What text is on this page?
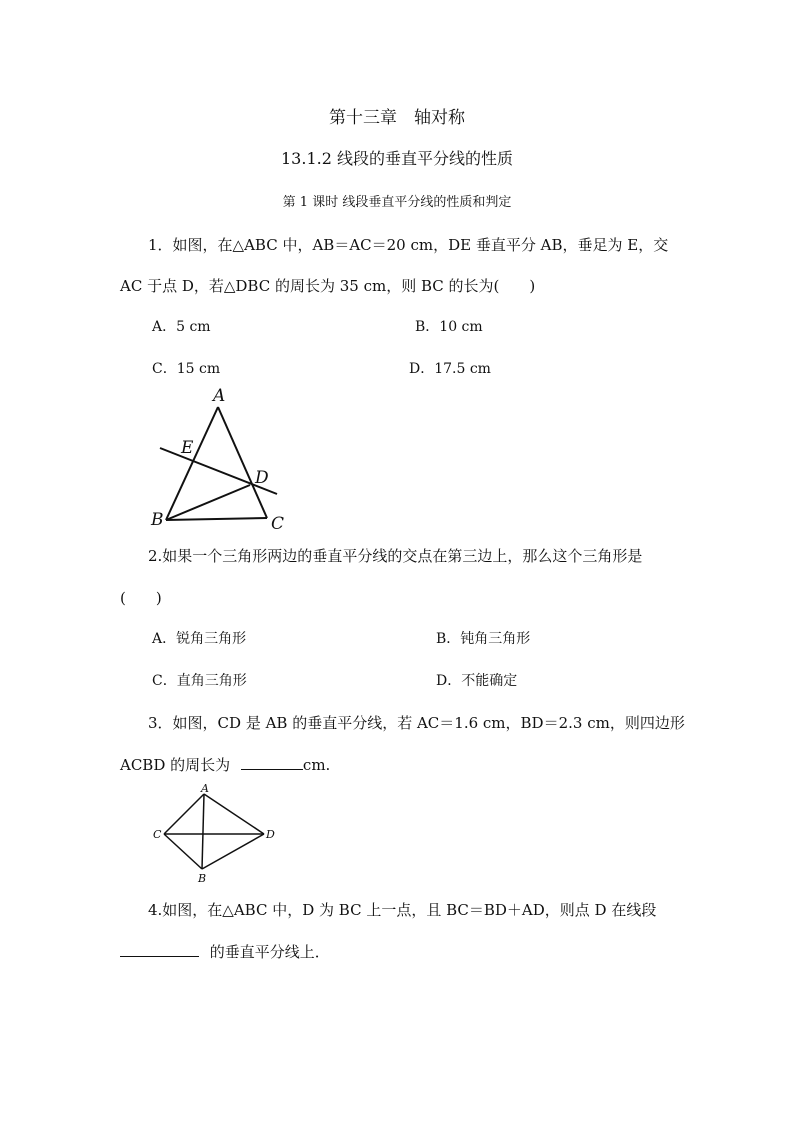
第十三章　轴对称
13.1.2 线段的垂直平分线的性质
第 1 课时 线段垂直平分线的性质和判定
1．如图，在△ABC 中，AB＝AC＝20 cm，DE 垂直平分 AB，垂足为 E，交
AC 于点 D，若△DBC 的周长为 35 cm，则 BC 的长为(　　)
A．5 cm	B．10 cm
C．15 cm	D．17.5 cm
A
E
D
B	C
2.如果一个三角形两边的垂直平分线的交点在第三边上，那么这个三角形是
(　　)
A．锐角三角形	B．钝角三角形
C．直角三角形	D．不能确定
3．如图，CD 是 AB 的垂直平分线，若 AC＝1.6 cm，BD＝2.3 cm，则四边形
ACBD 的周长为	cm.
A
C	D
B
4.如图，在△ABC 中，D 为 BC 上一点，且 BC＝BD＋AD，则点 D 在线段
的垂直平分线上．
